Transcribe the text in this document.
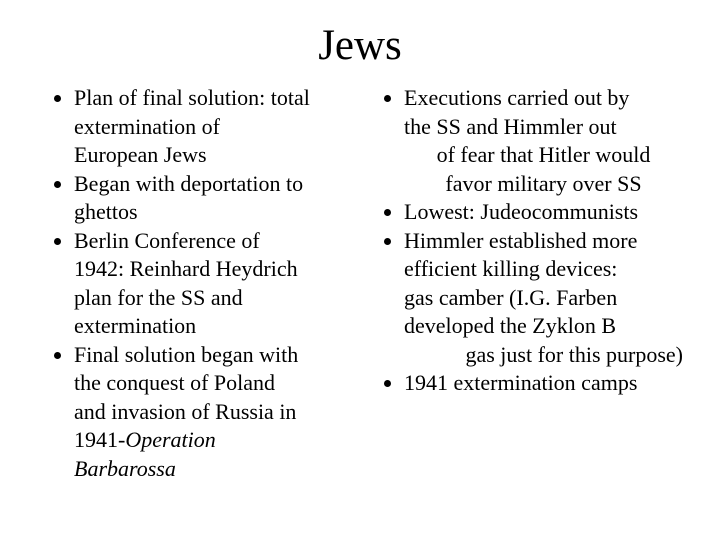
Jews
Plan of final solution: total
extermination of
European Jews
Began with deportation to
ghettos
Berlin Conference of
1942: Reinhard Heydrich
plan for the SS and
extermination
Final solution began with
the conquest of Poland
and invasion of Russia in
1941-Operation
Barbarossa
Executions carried out by
the SS and Himmler out
of fear that Hitler would
favor military over SS
Lowest: Judeocommunists
Himmler established more
efficient killing devices:
gas camber (I.G. Farben
developed the Zyklon B
gas just for this purpose)
1941 extermination camps
